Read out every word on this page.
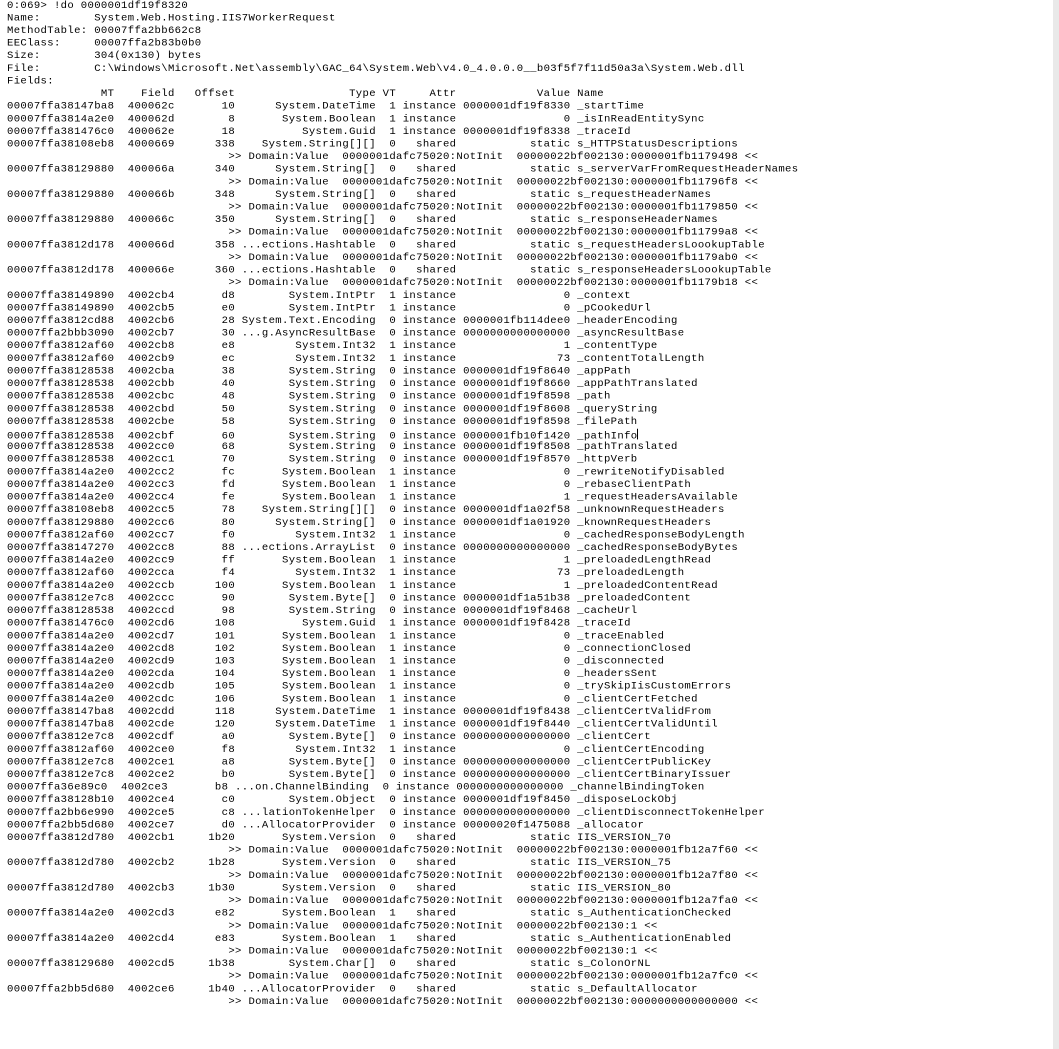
0:069> !do 0000001df19f8320
Name:        System.Web.Hosting.IIS7WorkerRequest
MethodTable: 00007ffa2bb662c8
EEClass:     00007ffa2b83b0b0
Size:        304(0x130) bytes
File:        C:\Windows\Microsoft.Net\assembly\GAC_64\System.Web\v4.0_4.0.0.0__b03f5f7f11d50a3a\System.Web.dll
Fields:
MT    Field   Offset                 Type VT     Attr            Value Name
00007ffa38147ba8  400062c       10      System.DateTime  1 instance 0000001df19f8330 _startTime
00007ffa3814a2e0  400062d        8       System.Boolean  1 instance                0 _isInReadEntitySync
00007ffa381476c0  400062e       18          System.Guid  1 instance 0000001df19f8338 _traceId
00007ffa38108eb8  4000669      338    System.String[][]  0   shared           static s_HTTPStatusDescriptions
>> Domain:Value  0000001dafc75020:NotInit  00000022bf002130:0000001fb1179498 <<
00007ffa38129880  400066a      340      System.String[]  0   shared           static s_serverVarFromRequestHeaderNames
>> Domain:Value  0000001dafc75020:NotInit  00000022bf002130:0000001fb11796f8 <<
00007ffa38129880  400066b      348      System.String[]  0   shared           static s_requestHeaderNames
>> Domain:Value  0000001dafc75020:NotInit  00000022bf002130:0000001fb1179850 <<
00007ffa38129880  400066c      350      System.String[]  0   shared           static s_responseHeaderNames
>> Domain:Value  0000001dafc75020:NotInit  00000022bf002130:0000001fb11799a8 <<
00007ffa3812d178  400066d      358 ...ections.Hashtable  0   shared           static s_requestHeadersLoookupTable
>> Domain:Value  0000001dafc75020:NotInit  00000022bf002130:0000001fb1179ab0 <<
00007ffa3812d178  400066e      360 ...ections.Hashtable  0   shared           static s_responseHeadersLoookupTable
>> Domain:Value  0000001dafc75020:NotInit  00000022bf002130:0000001fb1179b18 <<
00007ffa38149890  4002cb4       d8        System.IntPtr  1 instance                0 _context
00007ffa38149890  4002cb5       e0        System.IntPtr  1 instance                0 _pCookedUrl
00007ffa3812cd88  4002cb6       28 System.Text.Encoding  0 instance 0000001fb114dee0 _headerEncoding
00007ffa2bbb3090  4002cb7       30 ...g.AsyncResultBase  0 instance 0000000000000000 _asyncResultBase
00007ffa3812af60  4002cb8       e8         System.Int32  1 instance                1 _contentType
00007ffa3812af60  4002cb9       ec         System.Int32  1 instance               73 _contentTotalLength
00007ffa38128538  4002cba       38        System.String  0 instance 0000001df19f8640 _appPath
00007ffa38128538  4002cbb       40        System.String  0 instance 0000001df19f8660 _appPathTranslated
00007ffa38128538  4002cbc       48        System.String  0 instance 0000001df19f8598 _path
00007ffa38128538  4002cbd       50        System.String  0 instance 0000001df19f8608 _queryString
00007ffa38128538  4002cbe       58        System.String  0 instance 0000001df19f8598 _filePath
00007ffa38128538  4002cbf       60        System.String  0 instance 0000001fb10f1420 _pathInfo
00007ffa38128538  4002cc0       68        System.String  0 instance 0000001df19f8508 _pathTranslated
00007ffa38128538  4002cc1       70        System.String  0 instance 0000001df19f8570 _httpVerb
00007ffa3814a2e0  4002cc2       fc       System.Boolean  1 instance                0 _rewriteNotifyDisabled
00007ffa3814a2e0  4002cc3       fd       System.Boolean  1 instance                0 _rebaseClientPath
00007ffa3814a2e0  4002cc4       fe       System.Boolean  1 instance                1 _requestHeadersAvailable
00007ffa38108eb8  4002cc5       78    System.String[][]  0 instance 0000001df1a02f58 _unknownRequestHeaders
00007ffa38129880  4002cc6       80      System.String[]  0 instance 0000001df1a01920 _knownRequestHeaders
00007ffa3812af60  4002cc7       f0         System.Int32  1 instance                0 _cachedResponseBodyLength
00007ffa38147270  4002cc8       88 ...ections.ArrayList  0 instance 0000000000000000 _cachedResponseBodyBytes
00007ffa3814a2e0  4002cc9       ff       System.Boolean  1 instance                1 _preloadedLengthRead
00007ffa3812af60  4002cca       f4         System.Int32  1 instance               73 _preloadedLength
00007ffa3814a2e0  4002ccb      100       System.Boolean  1 instance                1 _preloadedContentRead
00007ffa3812e7c8  4002ccc       90        System.Byte[]  0 instance 0000001df1a51b38 _preloadedContent
00007ffa38128538  4002ccd       98        System.String  0 instance 0000001df19f8468 _cacheUrl
00007ffa381476c0  4002cd6      108          System.Guid  1 instance 0000001df19f8428 _traceId
00007ffa3814a2e0  4002cd7      101       System.Boolean  1 instance                0 _traceEnabled
00007ffa3814a2e0  4002cd8      102       System.Boolean  1 instance                0 _connectionClosed
00007ffa3814a2e0  4002cd9      103       System.Boolean  1 instance                0 _disconnected
00007ffa3814a2e0  4002cda      104       System.Boolean  1 instance                0 _headersSent
00007ffa3814a2e0  4002cdb      105       System.Boolean  1 instance                0 _trySkipIisCustomErrors
00007ffa3814a2e0  4002cdc      106       System.Boolean  1 instance                0 _clientCertFetched
00007ffa38147ba8  4002cdd      118      System.DateTime  1 instance 0000001df19f8438 _clientCertValidFrom
00007ffa38147ba8  4002cde      120      System.DateTime  1 instance 0000001df19f8440 _clientCertValidUntil
00007ffa3812e7c8  4002cdf       a0        System.Byte[]  0 instance 0000000000000000 _clientCert
00007ffa3812af60  4002ce0       f8         System.Int32  1 instance                0 _clientCertEncoding
00007ffa3812e7c8  4002ce1       a8        System.Byte[]  0 instance 0000000000000000 _clientCertPublicKey
00007ffa3812e7c8  4002ce2       b0        System.Byte[]  0 instance 0000000000000000 _clientCertBinaryIssuer
00007ffa36e89c0  4002ce3       b8 ...on.ChannelBinding  0 instance 0000000000000000 _channelBindingToken
00007ffa38128b10  4002ce4       c0        System.Object  0 instance 0000001df19f8450 _disposeLockObj
00007ffa2bb6e990  4002ce5       c8 ...lationTokenHelper  0 instance 0000000000000000 _clientDisconnectTokenHelper
00007ffa2bb5d680  4002ce7       d0 ...AllocatorProvider  0 instance 00000020f1475088 _allocator
00007ffa3812d780  4002cb1     1b20       System.Version  0   shared           static IIS_VERSION_70
>> Domain:Value  0000001dafc75020:NotInit  00000022bf002130:0000001fb12a7f60 <<
00007ffa3812d780  4002cb2     1b28       System.Version  0   shared           static IIS_VERSION_75
>> Domain:Value  0000001dafc75020:NotInit  00000022bf002130:0000001fb12a7f80 <<
00007ffa3812d780  4002cb3     1b30       System.Version  0   shared           static IIS_VERSION_80
>> Domain:Value  0000001dafc75020:NotInit  00000022bf002130:0000001fb12a7fa0 <<
00007ffa3814a2e0  4002cd3      e82       System.Boolean  1   shared           static s_AuthenticationChecked
>> Domain:Value  0000001dafc75020:NotInit  00000022bf002130:1 <<
00007ffa3814a2e0  4002cd4      e83       System.Boolean  1   shared           static s_AuthenticationEnabled
>> Domain:Value  0000001dafc75020:NotInit  00000022bf002130:1 <<
00007ffa38129680  4002cd5     1b38        System.Char[]  0   shared           static s_ColonOrNL
>> Domain:Value  0000001dafc75020:NotInit  00000022bf002130:0000001fb12a7fc0 <<
00007ffa2bb5d680  4002ce6     1b40 ...AllocatorProvider  0   shared           static s_DefaultAllocator
>> Domain:Value  0000001dafc75020:NotInit  00000022bf002130:0000000000000000 <<
